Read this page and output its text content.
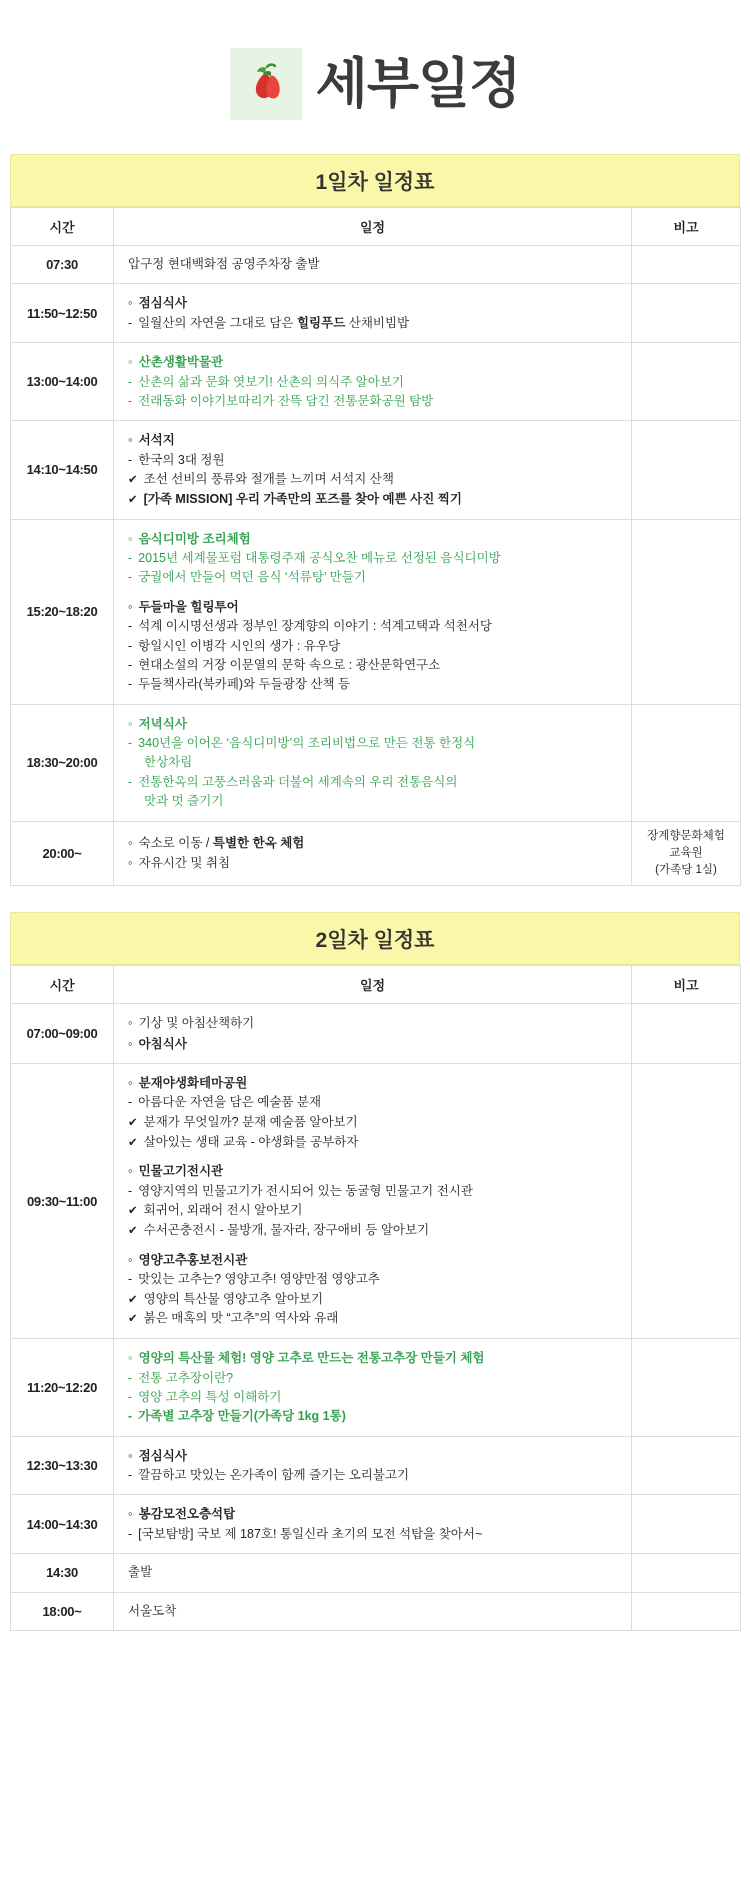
세부일정
1일차 일정표
시간	일정	비고
07:30	압구정 현대백화점 공영주차장 출발	

11:50~12:50	◦ 점심식사
- 일월산의 자연을 그대로 담은 힐링푸드 산채비빔밥

13:00~14:00	◦ 산촌생활박물관
- 산촌의 삶과 문화 엿보기! 산촌의 의식주 알아보기
- 전래동화 이야기보따리가 잔뜩 담긴 전통문화공원 탐방

14:10~14:50	◦ 서석지
- 한국의 3대 정원
✔ 조선 선비의 풍류와 절개를 느끼며 서석지 산책
✔ [가족 MISSION] 우리 가족만의 포즈를 찾아 예쁜 사진 찍기

15:20~18:20	
◦ 음식디미방 조리체험
- 2015년 세계물포럼 대통령주재 공식오찬 메뉴로 선정된 음식디미방
- 궁궐에서 만들어 먹던 음식 ‘석류탕’ 만들기
◦ 두들마을 힐링투어
- 석계 이시명선생과 정부인 장계향의 이야기 : 석계고택과 석천서당
- 항일시인 이병각 시인의 생가 : 유우당
- 현대소설의 거장 이문열의 문학 속으로 : 광산문학연구소
- 두들책사라(북카페)와 두들광장 산책 등

18:30~20:00	◦ 저녁식사
- 340년을 이어온 ‘음식디미방’의 조리비법으로 만든 전통 한정식
한상차림
- 전통한옥의 고풍스러움과 더불어 세계속의 우리 전통음식의
맛과 멋 즐기기

20:00~	◦ 숙소로 이동 / 특별한 한옥 체험
◦ 자유시간 및 취침	장계향문화체험
교육원
(가족당 1실)
2일차 일정표
시간	일정	비고
07:00~09:00	◦ 기상 및 아침산책하기
◦ 아침식사

09:30~11:00	
◦ 분재야생화테마공원
- 아름다운 자연을 담은 예술품 분재
✔ 분재가 무엇일까? 분재 예술품 알아보기
✔ 살아있는 생태 교육 - 야생화를 공부하자
◦ 민물고기전시관
- 영양지역의 민물고기가 전시되어 있는 동굴형 민물고기 전시관
✔ 회귀어, 외래어 전시 알아보기
✔ 수서곤충전시 - 물방개, 물자라, 장구애비 등 알아보기
◦ 영양고추홍보전시관
- 맛있는 고추는? 영양고추! 영양만점 영양고추
✔ 영양의 특산물 영양고추 알아보기
✔ 붉은 매혹의 맛 “고추”의 역사와 유래

11:20~12:20	◦ 영양의 특산물 체험! 영양 고추로 만드는 전통고추장 만들기 체험
- 전통 고추장이란?
- 영양 고추의 특성 이해하기
- 가족별 고추장 만들기(가족당 1kg 1통)

12:30~13:30	◦ 점심식사
- 깔끔하고 맛있는 온가족이 함께 즐기는 오리불고기

14:00~14:30	◦ 봉감모전오층석탑
- [국보탐방] 국보 제 187호! 통일신라 초기의 모전 석탑을 찾아서~

14:30	출발	

18:00~	서울도착	
